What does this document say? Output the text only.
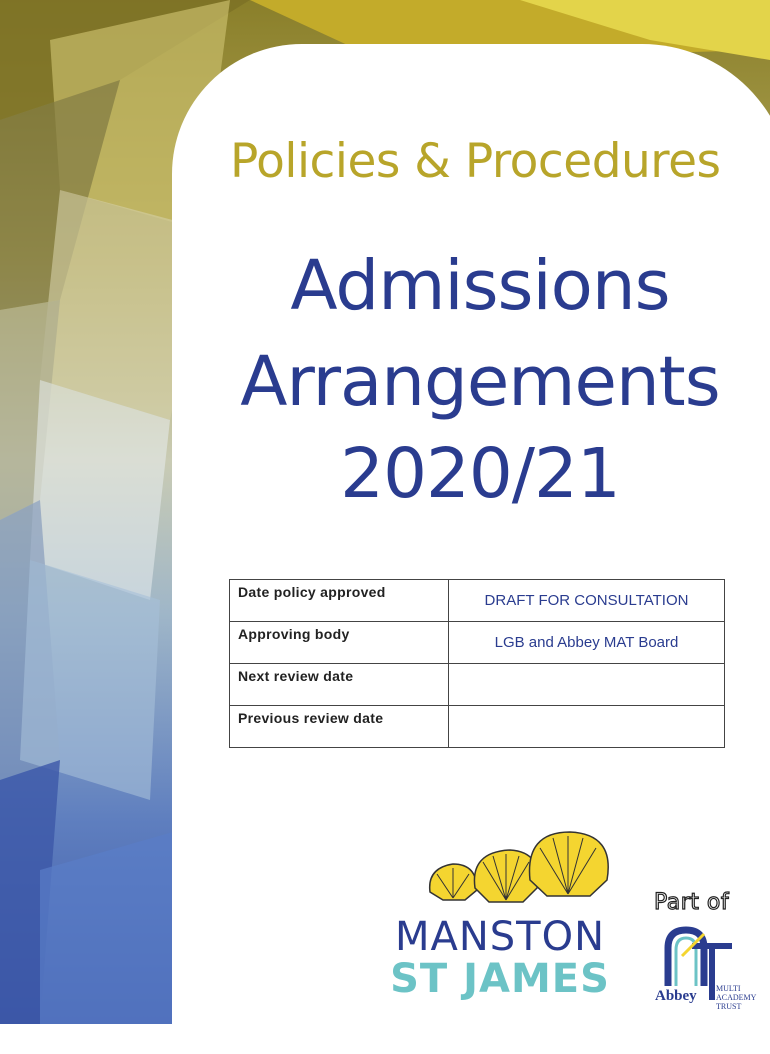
Policies & Procedures
Admissions
Arrangements
2020/21
Date policy approved	DRAFT FOR CONSULTATION
Approving body	LGB and Abbey MAT Board
Next review date	
Previous review date	
MANSTON
ST JAMES
Part of
Abbey MULTI
ACADEMY
TRUST
